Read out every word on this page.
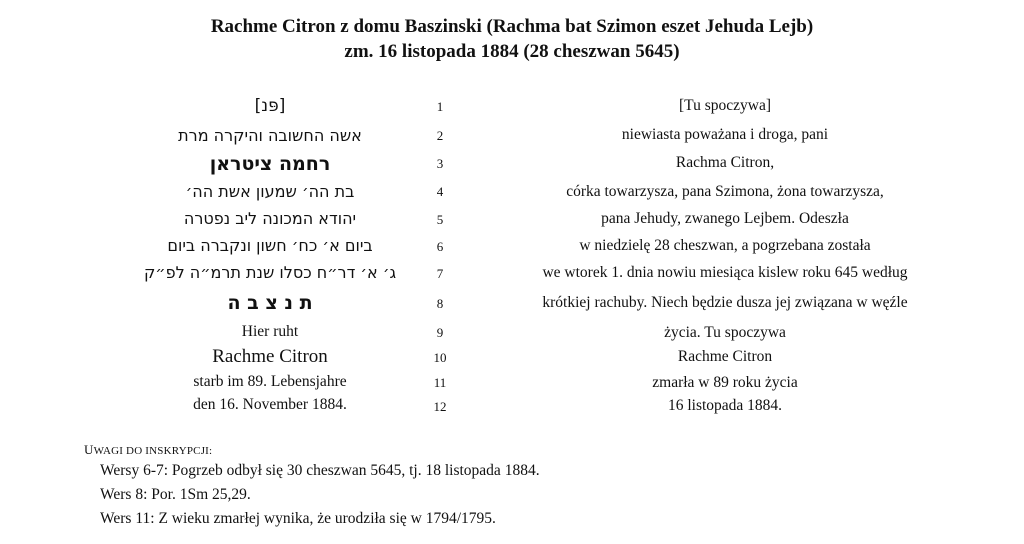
Rachme Citron z domu Baszinski (Rachma bat Szimon eszet Jehuda Lejb)
zm. 16 listopada 1884 (28 cheszwan 5645)
[פּנ]	1	[Tu spoczywa]
אשה החשובה והיקרה מרת	2	niewiasta poważana i droga, pani
רחמה ציטראן	3	Rachma Citron,
בת הה׳ שמעון אשת הה׳	4	córka towarzysza, pana Szimona, żona towarzysza,
יהודא המכונה ליב נפטרה	5	pana Jehudy, zwanego Lejbem. Odeszła
ביום א׳ כח׳ חשון ונקברה ביום	6	w niedzielę 28 cheszwan, a pogrzebana została
ג׳ א׳ דר״ח כסלו שנת תרמ״ה לפ״ק	7	we wtorek 1. dnia nowiu miesiąca kislew roku 645 według
ת נ צ ב ה	8	krótkiej rachuby. Niech będzie dusza jej związana w węźle
Hier ruht	9	życia. Tu spoczywa
Rachme Citron	10	Rachme Citron
starb im 89. Lebensjahre	11	zmarła w 89 roku życia
den 16. November 1884.	12	16 listopada 1884.
UWAGI DO INSKRYPCJI:
Wersy 6-7: Pogrzeb odbył się 30 cheszwan 5645, tj. 18 listopada 1884.
Wers 8: Por. 1Sm 25,29.
Wers 11: Z wieku zmarłej wynika, że urodziła się w 1794/1795.
